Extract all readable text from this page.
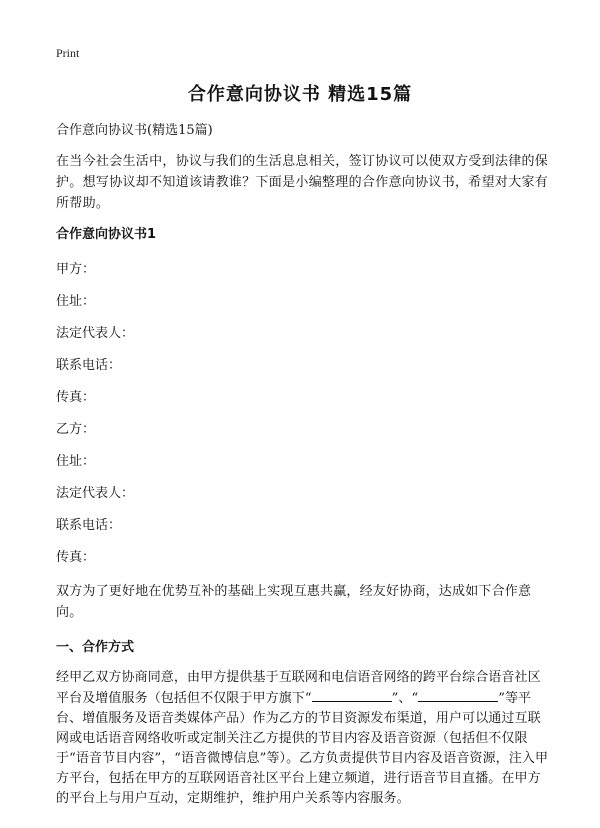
Print
合作意向协议书 精选15篇

合作意向协议书(精选15篇)

在当今社会生活中，协议与我们的生活息息相关，签订协议可以使双方受到法律的保护。想写协议却不知道该请教谁？下面是小编整理的合作意向协议书，希望对大家有所帮助。

合作意向协议书1
甲方：
住址：
法定代表人：
联系电话：
传真：
乙方：
住址：
法定代表人：
联系电话：
传真：

双方为了更好地在优势互补的基础上实现互惠共赢，经友好协商，达成如下合作意向。

一、合作方式

经甲乙双方协商同意，由甲方提供基于互联网和电信语音网络的跨平台综合语音社区平台及增值服务（包括但不仅限于甲方旗下“	”、“	”等平台、增值服务及语音类媒体产品）作为乙方的节目资源发布渠道，用户可以通过互联网或电话语音网络收听或定制关注乙方提供的节目内容及语音资源（包括但不仅限于“语音节目内容”，“语音微博信息”等）。乙方负责提供节目内容及语音资源，注入甲方平台，包括在甲方的互联网语音社区平台上建立频道，进行语音节目直播。在甲方的平台上与用户互动，定期维护，维护用户关系等内容服务。
